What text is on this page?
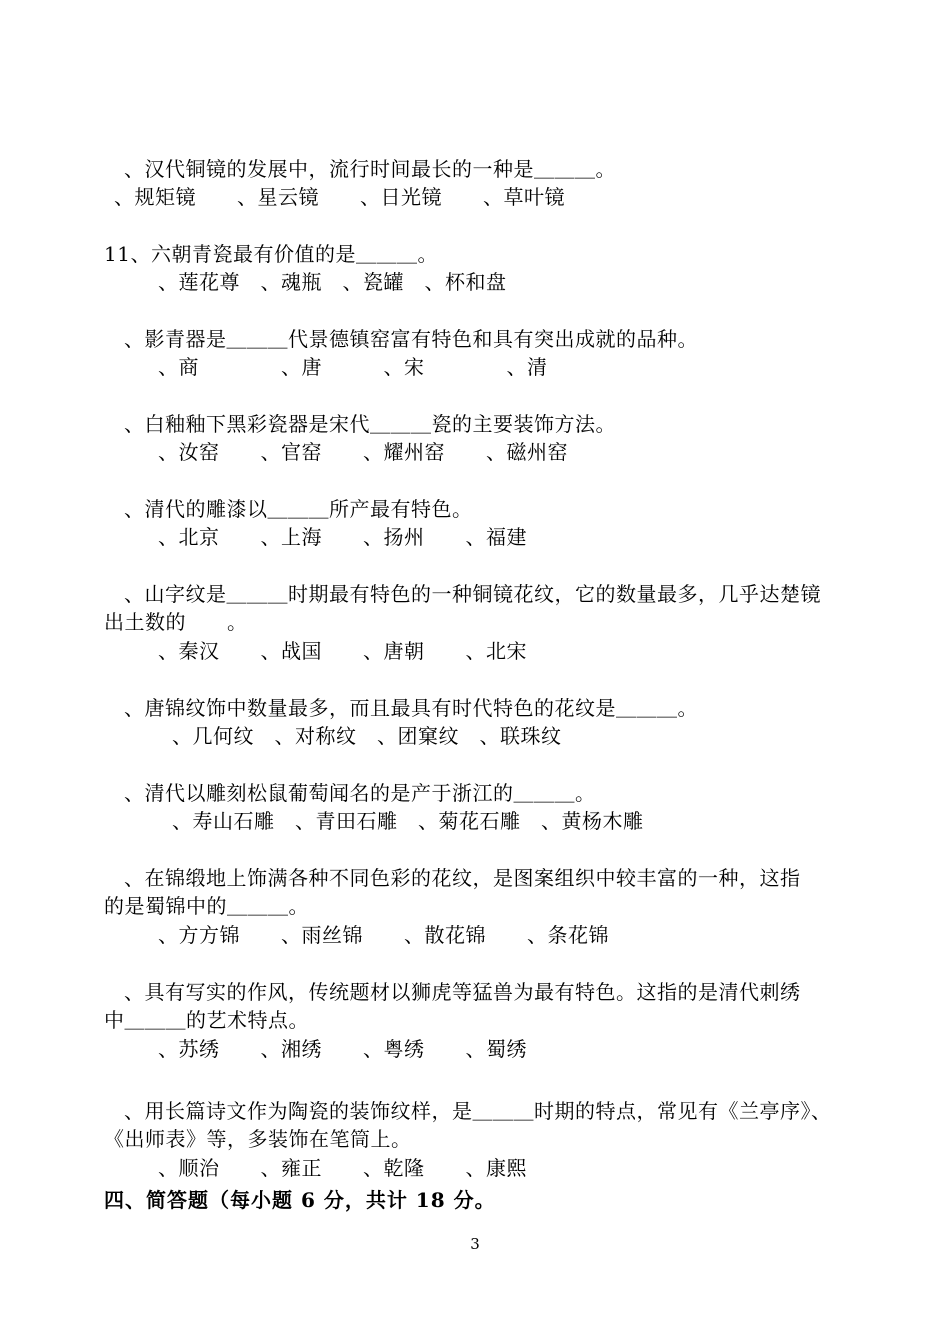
、汉代铜镜的发展中，流行时间最长的一种是＿＿＿。
、规矩镜　　、星云镜　　、日光镜　　、草叶镜
11、六朝青瓷最有价值的是＿＿＿。
、莲花尊　、魂瓶　、瓷罐　、杯和盘
、影青器是＿＿＿代景德镇窑富有特色和具有突出成就的品种。
、商　　　　、唐　　　、宋　　　　、清
、白釉釉下黑彩瓷器是宋代＿＿＿瓷的主要装饰方法。
、汝窑　　、官窑　　、耀州窑　　、磁州窑
、清代的雕漆以＿＿＿所产最有特色。
、北京　　、上海　　、扬州　　、福建
、山字纹是＿＿＿时期最有特色的一种铜镜花纹，它的数量最多，几乎达楚镜
出土数的　　。
、秦汉　　、战国　　、唐朝　　、北宋
、唐锦纹饰中数量最多，而且最具有时代特色的花纹是＿＿＿。
、几何纹　、对称纹　、团窠纹　、联珠纹
、清代以雕刻松鼠葡萄闻名的是产于浙江的＿＿＿。
、寿山石雕　、青田石雕　、菊花石雕　、黄杨木雕
、在锦缎地上饰满各种不同色彩的花纹，是图案组织中较丰富的一种，这指
的是蜀锦中的＿＿＿。
、方方锦　　、雨丝锦　　、散花锦　　、条花锦
、具有写实的作风，传统题材以狮虎等猛兽为最有特色。这指的是清代刺绣
中＿＿＿的艺术特点。
、苏绣　　、湘绣　　、粤绣　　、蜀绣
、用长篇诗文作为陶瓷的装饰纹样，是＿＿＿时期的特点，常见有《兰亭序》、
《出师表》等，多装饰在笔筒上。
、顺治　　、雍正　　、乾隆　　、康熙
四、简答题（每小题 6 分，共计 18 分。
3
